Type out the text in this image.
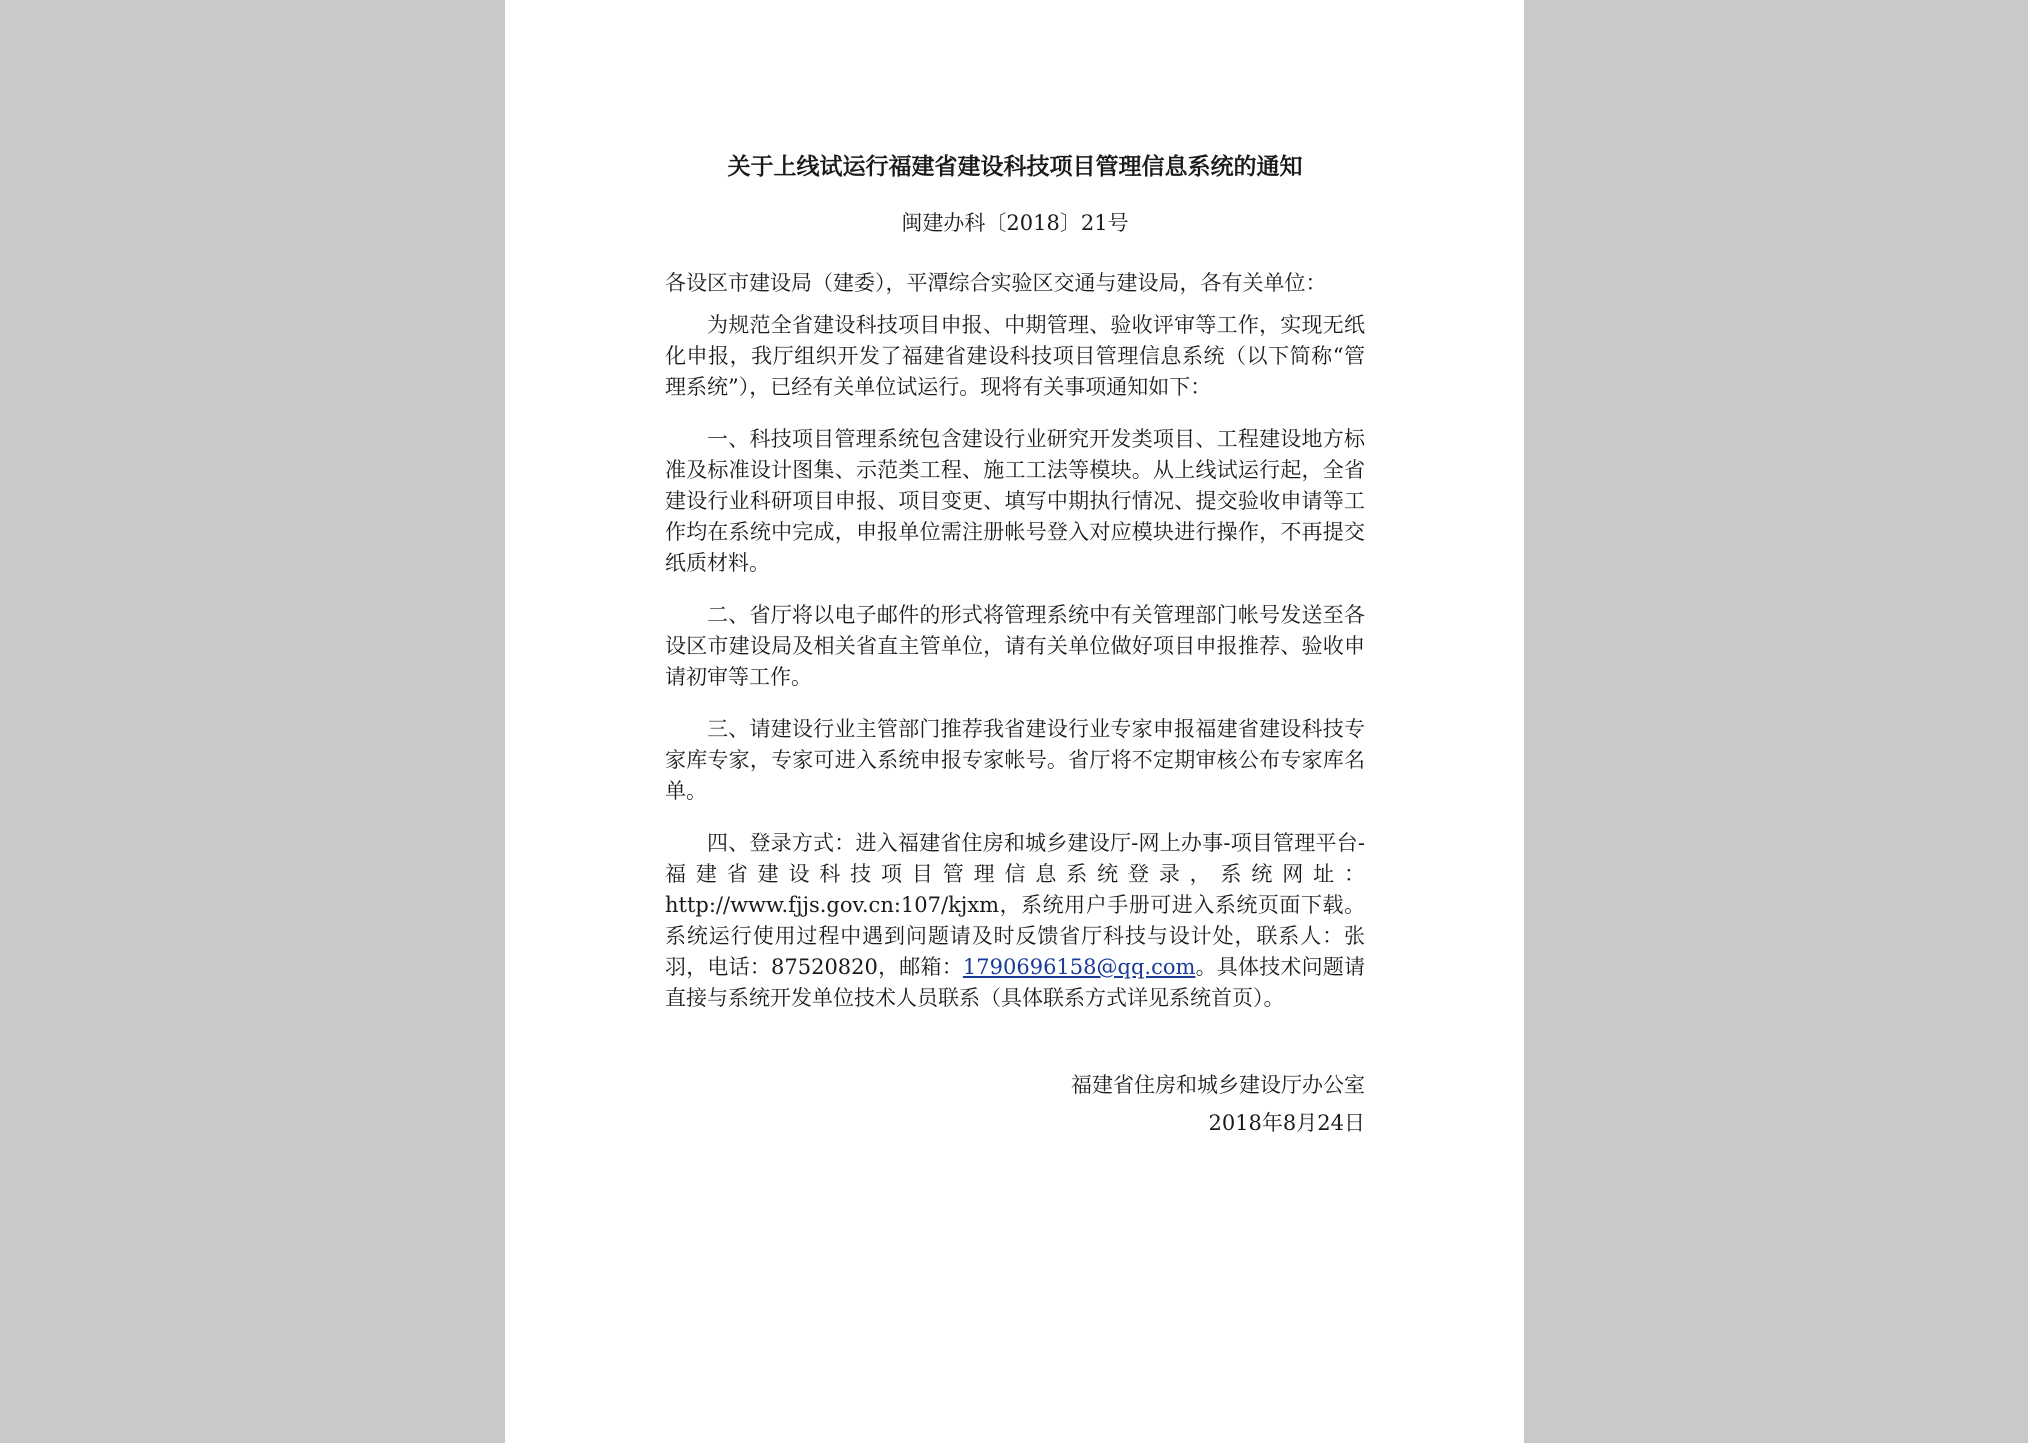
关于上线试运行福建省建设科技项目管理信息系统的通知
闽建办科〔2018〕21号
各设区市建设局（建委），平潭综合实验区交通与建设局，各有关单位：

为规范全省建设科技项目申报、中期管理、验收评审等工作，实现无纸化申报，我厅组织开发了福建省建设科技项目管理信息系统（以下简称“管理系统”），已经有关单位试运行。现将有关事项通知如下：

一、科技项目管理系统包含建设行业研究开发类项目、工程建设地方标准及标准设计图集、示范类工程、施工工法等模块。从上线试运行起，全省建设行业科研项目申报、项目变更、填写中期执行情况、提交验收申请等工作均在系统中完成，申报单位需注册帐号登入对应模块进行操作，不再提交纸质材料。

二、省厅将以电子邮件的形式将管理系统中有关管理部门帐号发送至各设区市建设局及相关省直主管单位，请有关单位做好项目申报推荐、验收申请初审等工作。

三、请建设行业主管部门推荐我省建设行业专家申报福建省建设科技专家库专家，专家可进入系统申报专家帐号。省厅将不定期审核公布专家库名单。

四、登录方式：进入福建省住房和城乡建设厅-网上办事-项目管理平台-福建省建设科技项目管理信息系统登录，系统网址：http://www.fjjs.gov.cn:107/kjxm，系统用户手册可进入系统页面下载。系统运行使用过程中遇到问题请及时反馈省厅科技与设计处，联系人：张羽，电话：87520820，邮箱：1790696158@qq.com。具体技术问题请直接与系统开发单位技术人员联系（具体联系方式详见系统首页）。

福建省住房和城乡建设厅办公室
2018年8月24日
